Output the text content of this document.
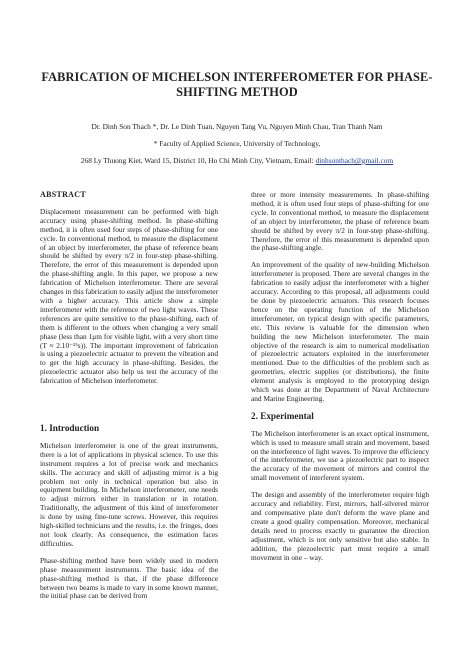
FABRICATION OF MICHELSON INTERFEROMETER FOR PHASE-SHIFTING METHOD
Dr. Dinh Son Thach *, Dr. Le Dinh Tuan, Nguyen Tang Vu, Nguyen Minh Chau, Tran Thanh Nam
* Faculty of Applied Science, University of Technology,
268 Ly Thuong Kiet, Ward 15, District 10, Ho Chi Minh City, Vietnam, Email: dinhsonthach@gmail.com
ABSTRACT

Displacement measurement can be performed with high accuracy using phase-shifting method. In phase-shifting method, it is often used four steps of phase-shifting for one cycle. In conventional method, to measure the displacement of an object by interferometer, the phase of reference beam should be shifted by every π/2 in four-step phase-shifting. Therefore, the error of this measurement is depended upon the phase-shifting angle. In this paper, we propose a new fabrication of Michelson interferometer. There are several changes in this fabrication to easily adjust the interferometer with a higher accuracy. This article show a simple interferometer with the reference of two light waves. These references are quite sensitive to the phase-shifting, each of them is different to the others when changing a very small phase (less than 1μm for visible light, with a very short time (T ≈ 2.10⁻¹⁵s)). The important improvement of fabrication is using a piezoelectric actuator to prevent the vibration and to get the high accuracy in phase-shifting. Besides, the piezoelectric actuator also help us test the accuracy of the fabrication of Michelson interferometer.

1. Introduction

Michelson interferometer is one of the great instruments, there is a lot of applications in physical science. To use this instrument requires a lot of precise work and mechanics skills. The accuracy and skill of adjusting mirror is a big problem not only in technical operation but also in equipment building. In Michelson interferometer, one needs to adjust mirrors either in translation or in rotation. Traditionally, the adjustment of this kind of interferometer is done by using fine-tune screws. However, this requires high-skilled technicians and the results, i.e. the fringes, does not look clearly. As consequence, the estimation faces difficulties.

Phase-shifting method have been widely used in modern phase measurement instruments. The basic idea of the phase-shifting method is that, if the phase difference between two beams is made to vary in some known manner, the initial phase can be derived from

three or more intensity measurements. In phase-shifting method, it is often used four steps of phase-shifting for one cycle. In conventional method, to measure the displacement of an object by interferometer, the phase of reference beam should be shifted by every π/2 in four-step phase-shifting. Therefore, the error of this measurement is depended upon the phase-shifting angle.

An improvement of the quality of new-building Michelson interferometer is proposed. There are several changes in the fabrication to easily adjust the interferometer with a higher accuracy. According to this proposal, all adjustments could be done by piezoelectric actuators. This research focuses hence on the operating function of the Michelson interferometer, on typical design with specific parameters, etc. This review is valuable for the dimension when building the new Michelson interferometer. The main objective of the research is aim to numerical modelisation of piezoelectric actuators exploited in the interferometer mentioned. Due to the difficulties of the problem such as geometries, electric supplies (or distributions), the finite element analysis is employed to the prototyping design which was done at the Department of Naval Architecture and Marine Engineering.

2. Experimental

The Michelson interferometer is an exact optical instrument, which is used to measure small strain and movement, based on the interference of light waves. To improve the efficiency of the interferometer, we use a piezoelectric part to inspect the accuracy of the movement of mirrors and control the small movement of interferent system.

The design and assembly of the interferometer require high accuracy and reliability. First, mirrors, half-silvered mirror and compensative plate don't deform the wave plane and create a good quality compensation. Moreover, mechanical details need to process exactly to guarantee the direction adjustment, which is not only sensitive but also stable. In addition, the piezoelectric part must require a small movement in one – way.
